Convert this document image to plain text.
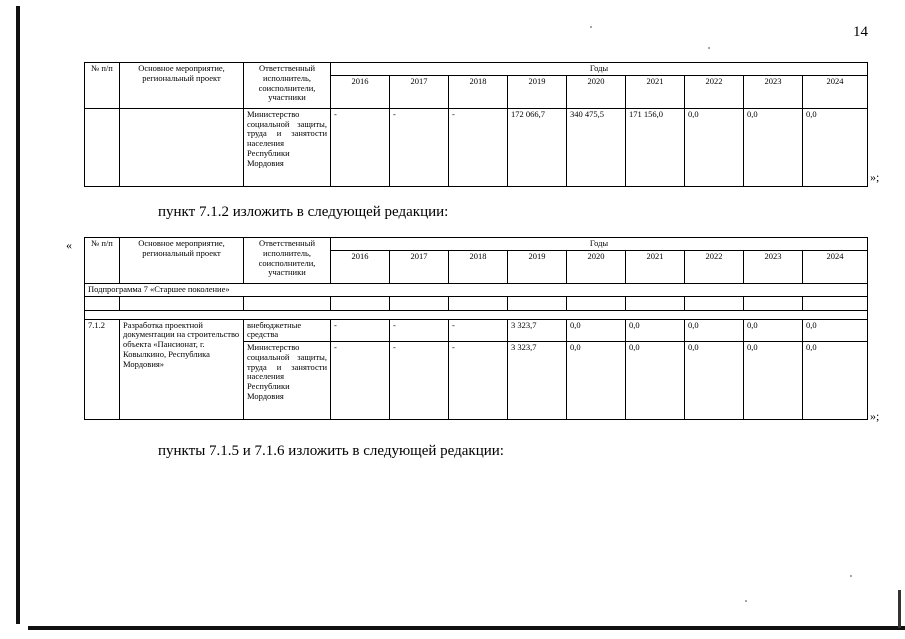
14
№ п/п	Основное мероприятие, региональный проект	Ответственный исполнитель, соисполнители, участники	Годы								
			2016	2017	2018	2019	2020	2021	2022	2023	2024
		Министерство социальной защиты, труда и занятости населения Республики Мордовия	-	-	-	172 066,7	340 475,5	171 156,0	0,0	0,0	0,0
»;
пункт 7.1.2 изложить в следующей редакции:
« № п/п	Основное мероприятие, региональный проект	Ответственный исполнитель, соисполнители, участники	Годы								
			2016	2017	2018	2019	2020	2021	2022	2023	2024
Подпрограмма 7 «Старшее поколение»											

7.1.2	Разработка проектной документации на строительство объекта «Пансионат, г. Ковылкино, Республика Мордовия»	внебюджетные средства	-	-	-	3 323,7	0,0	0,0	0,0	0,0	0,0
		Министерство социальной защиты, труда и занятости населения Республики Мордовия	-	-	-	3 323,7	0,0	0,0	0,0	0,0	0,0
»;
пункты 7.1.5 и 7.1.6 изложить в следующей редакции:
